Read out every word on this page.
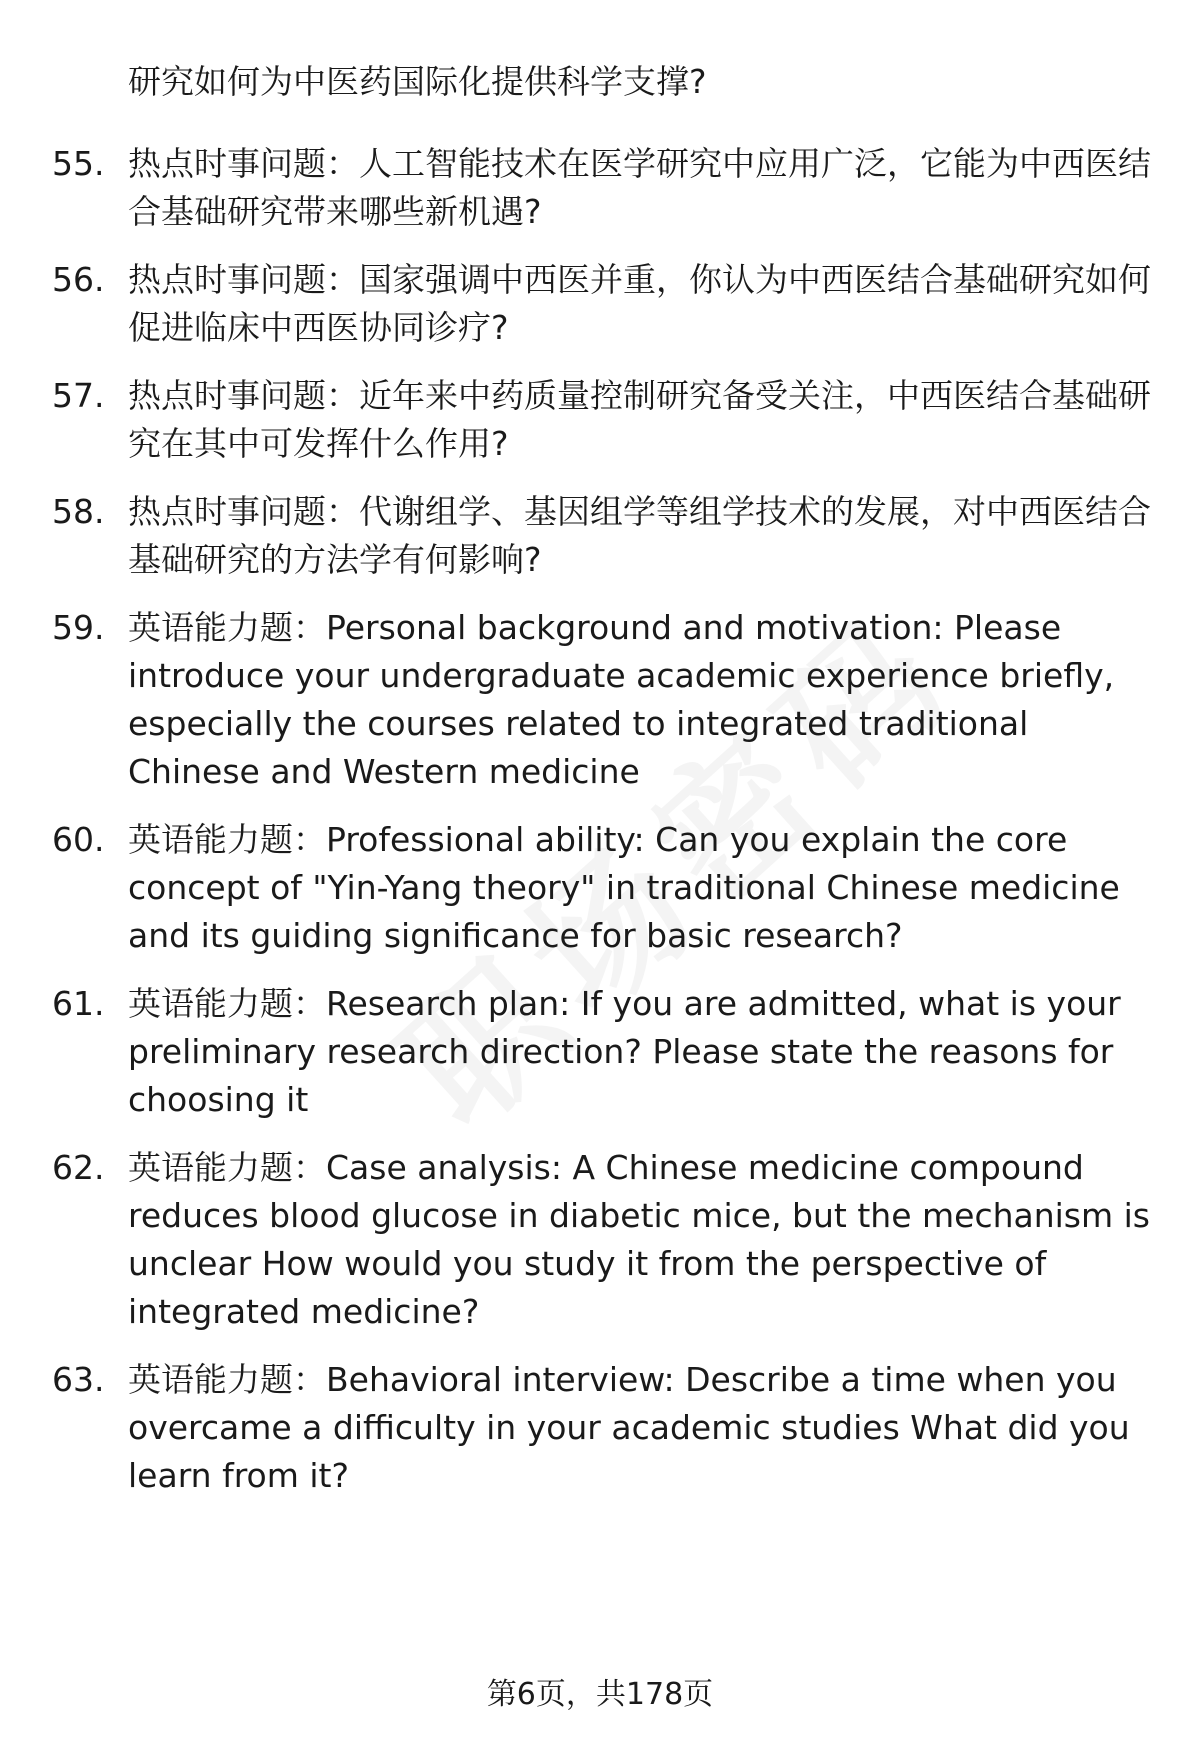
研究如何为中医药国际化提供科学支撑?
55. 热点时事问题：人工智能技术在医学研究中应用广泛，它能为中西医结合基础研究带来哪些新机遇?
56. 热点时事问题：国家强调中西医并重，你认为中西医结合基础研究如何促进临床中西医协同诊疗?
57. 热点时事问题：近年来中药质量控制研究备受关注，中西医结合基础研究在其中可发挥什么作用?
58. 热点时事问题：代谢组学、基因组学等组学技术的发展，对中西医结合基础研究的方法学有何影响?
59. 英语能力题：Personal background and motivation: Please introduce your undergraduate academic experience briefly, especially the courses related to integrated traditional Chinese and Western medicine
60. 英语能力题：Professional ability: Can you explain the core concept of "Yin-Yang theory" in traditional Chinese medicine and its guiding significance for basic research?
61. 英语能力题：Research plan: If you are admitted, what is your preliminary research direction? Please state the reasons for choosing it
62. 英语能力题：Case analysis: A Chinese medicine compound reduces blood glucose in diabetic mice, but the mechanism is unclear How would you study it from the perspective of integrated medicine?
63. 英语能力题：Behavioral interview: Describe a time when you overcame a difficulty in your academic studies What did you learn from it?
第6页，共178页
